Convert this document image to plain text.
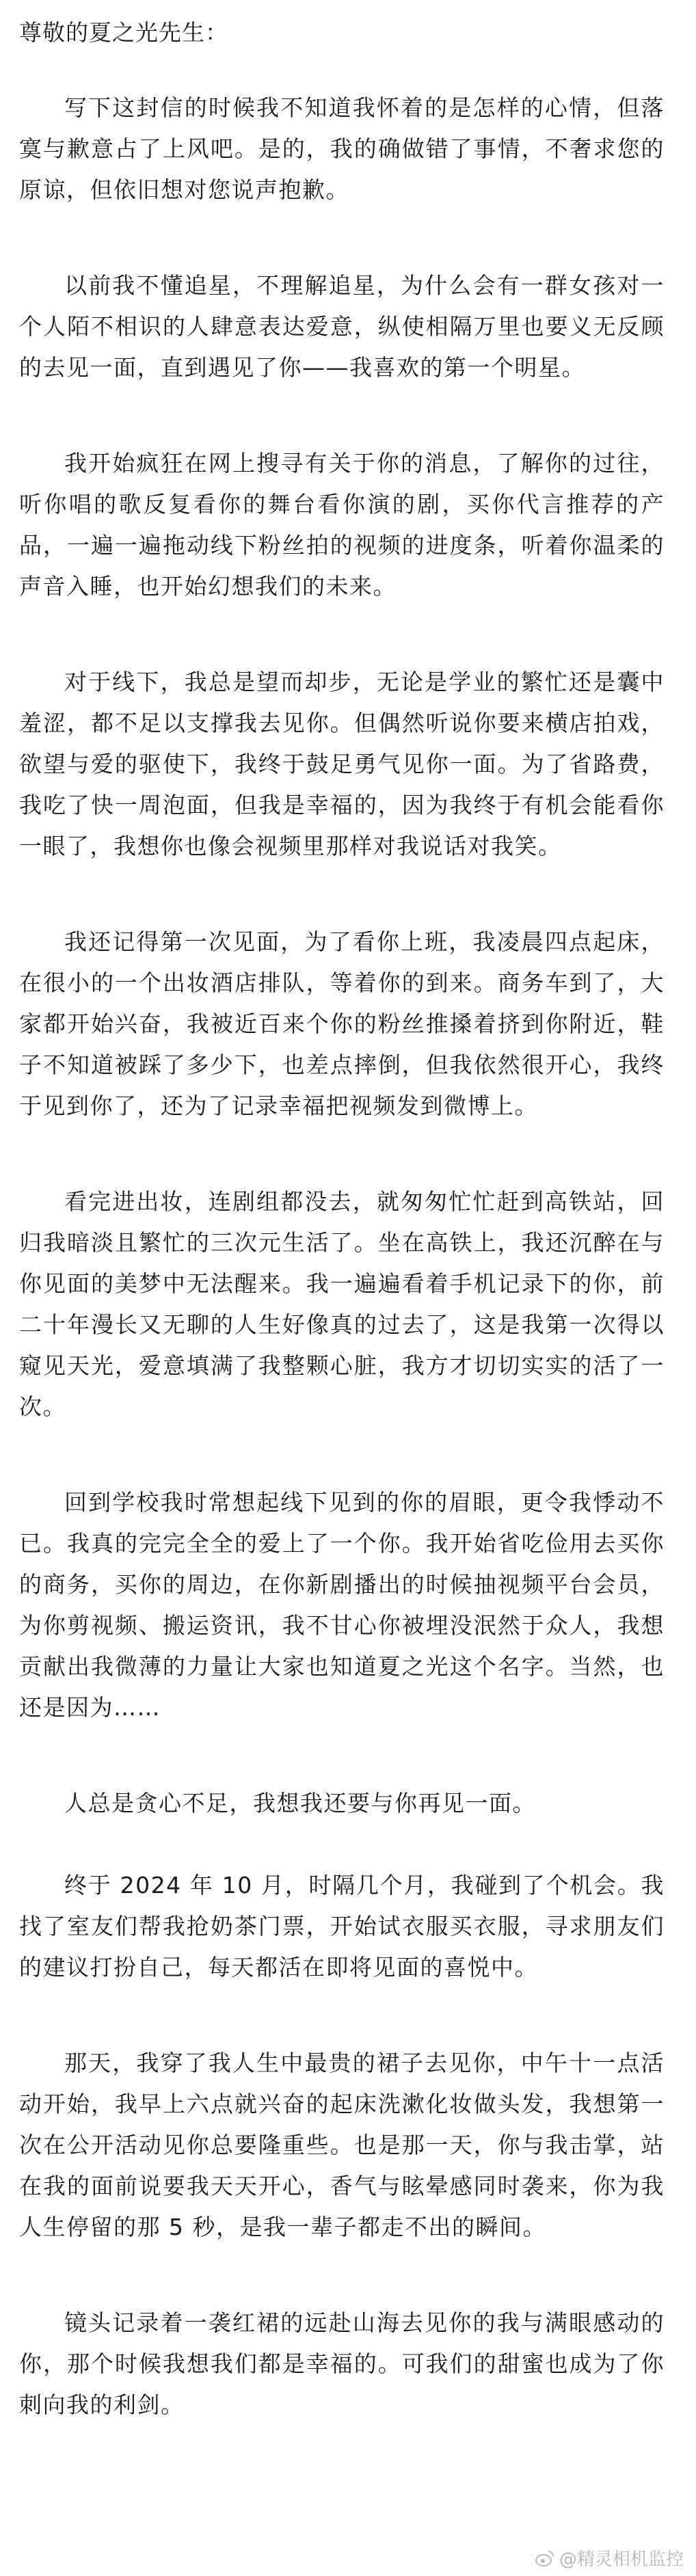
尊敬的夏之光先生：

写下这封信的时候我不知道我怀着的是怎样的心情，但落寞与歉意占了上风吧。是的，我的确做错了事情，不奢求您的原谅，但依旧想对您说声抱歉。

以前我不懂追星，不理解追星，为什么会有一群女孩对一个人陌不相识的人肆意表达爱意，纵使相隔万里也要义无反顾的去见一面，直到遇见了你——我喜欢的第一个明星。

我开始疯狂在网上搜寻有关于你的消息，了解你的过往，听你唱的歌反复看你的舞台看你演的剧，买你代言推荐的产品，一遍一遍拖动线下粉丝拍的视频的进度条，听着你温柔的声音入睡，也开始幻想我们的未来。

对于线下，我总是望而却步，无论是学业的繁忙还是囊中羞涩，都不足以支撑我去见你。但偶然听说你要来横店拍戏，欲望与爱的驱使下，我终于鼓足勇气见你一面。为了省路费，我吃了快一周泡面，但我是幸福的，因为我终于有机会能看你一眼了，我想你也像会视频里那样对我说话对我笑。

我还记得第一次见面，为了看你上班，我凌晨四点起床，在很小的一个出妆酒店排队，等着你的到来。商务车到了，大家都开始兴奋，我被近百来个你的粉丝推搡着挤到你附近，鞋子不知道被踩了多少下，也差点摔倒，但我依然很开心，我终于见到你了，还为了记录幸福把视频发到微博上。

看完进出妆，连剧组都没去，就匆匆忙忙赶到高铁站，回归我暗淡且繁忙的三次元生活了。坐在高铁上，我还沉醉在与你见面的美梦中无法醒来。我一遍遍看着手机记录下的你，前二十年漫长又无聊的人生好像真的过去了，这是我第一次得以窥见天光，爱意填满了我整颗心脏，我方才切切实实的活了一次。

回到学校我时常想起线下见到的你的眉眼，更令我悸动不已。我真的完完全全的爱上了一个你。我开始省吃俭用去买你的商务，买你的周边，在你新剧播出的时候抽视频平台会员，为你剪视频、搬运资讯，我不甘心你被埋没泯然于众人，我想贡献出我微薄的力量让大家也知道夏之光这个名字。当然，也还是因为……

人总是贪心不足，我想我还要与你再见一面。

终于 2024 年 10 月，时隔几个月，我碰到了个机会。我找了室友们帮我抢奶茶门票，开始试衣服买衣服，寻求朋友们的建议打扮自己，每天都活在即将见面的喜悦中。

那天，我穿了我人生中最贵的裙子去见你，中午十一点活动开始，我早上六点就兴奋的起床洗漱化妆做头发，我想第一次在公开活动见你总要隆重些。也是那一天，你与我击掌，站在我的面前说要我天天开心，香气与眩晕感同时袭来，你为我人生停留的那 5 秒，是我一辈子都走不出的瞬间。

镜头记录着一袭红裙的远赴山海去见你的我与满眼感动的你，那个时候我想我们都是幸福的。可我们的甜蜜也成为了你刺向我的利剑。

@精灵相机监控
